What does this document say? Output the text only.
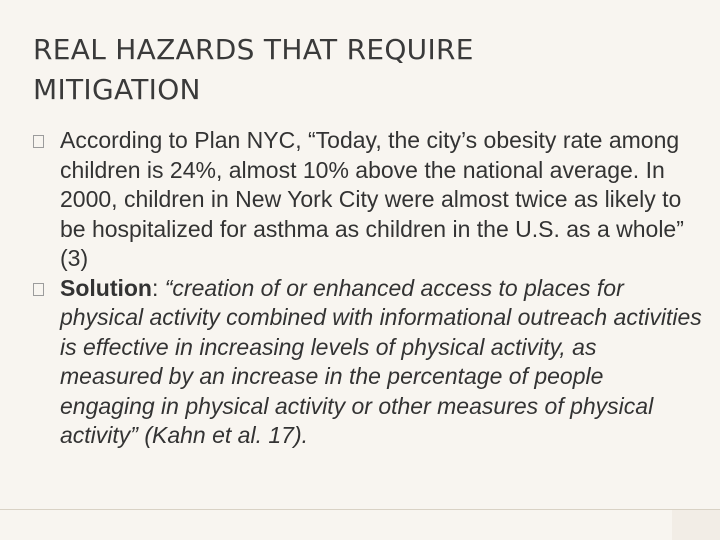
REAL HAZARDS THAT REQUIRE
MITIGATION
According to Plan NYC, “Today, the city’s obesity rate among children is 24%, almost 10% above the national average. In 2000, children in New York City were almost twice as likely to be hospitalized for asthma as children in the U.S. as a whole” (3)
Solution: “creation of or enhanced access to places for physical activity combined with informational outreach activities is effective in increasing levels of physical activity, as measured by an increase in the percentage of people engaging in physical activity or other measures of physical activity” (Kahn et al. 17).
